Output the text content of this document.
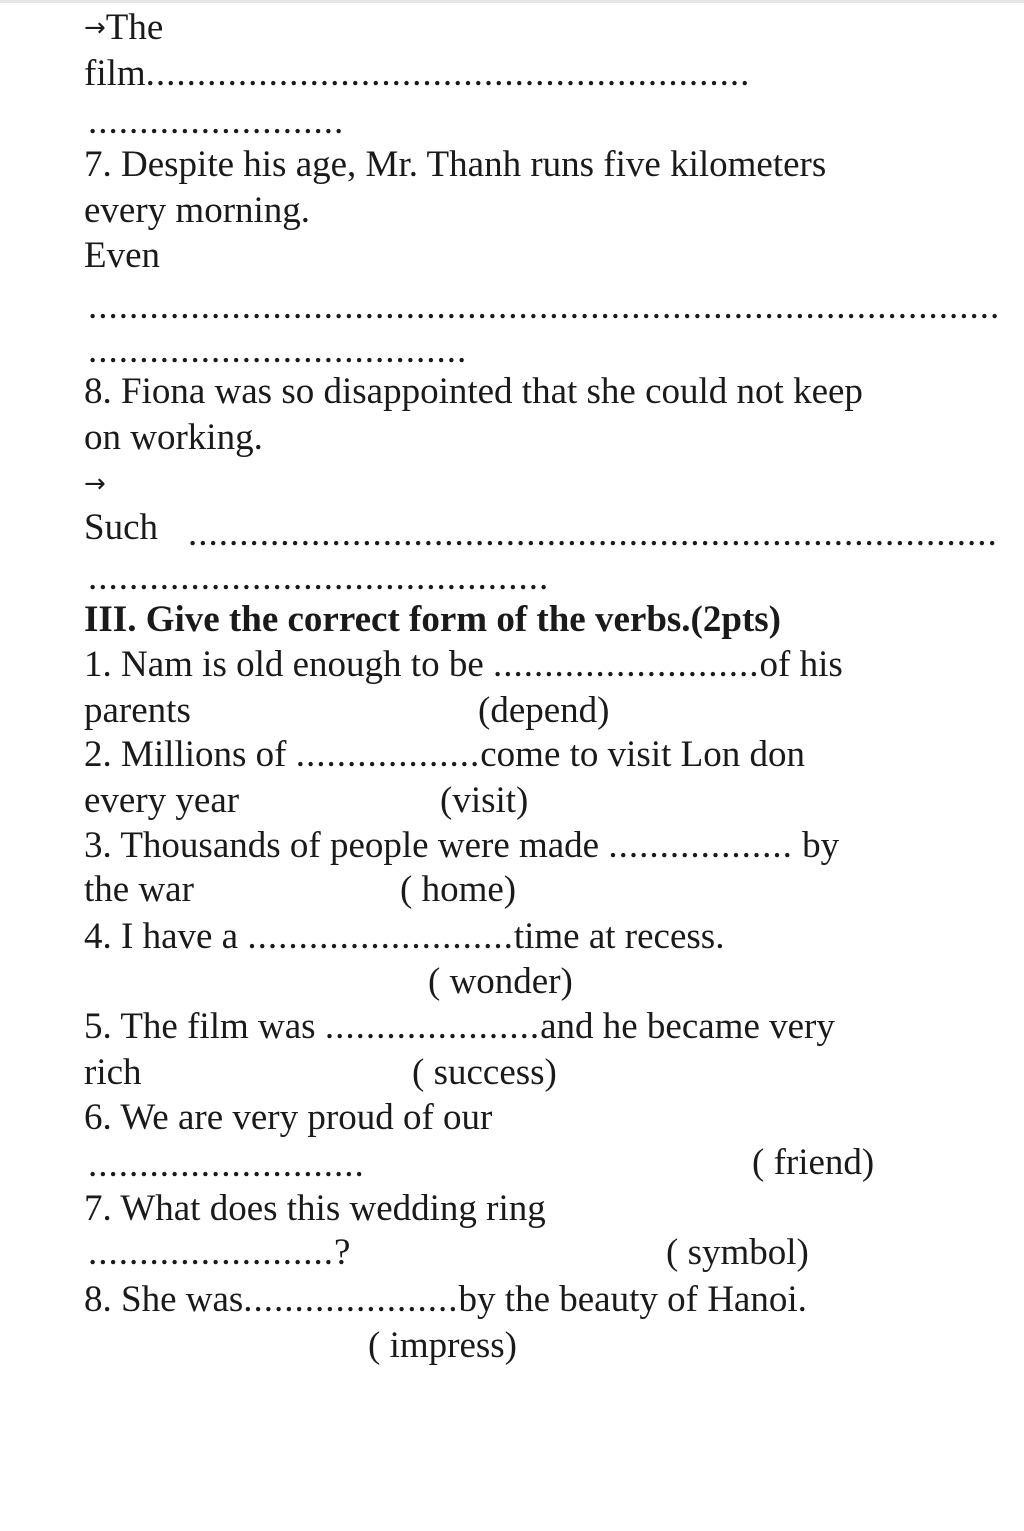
→The
film...........................................................
.........................
7. Despite his age, Mr. Thanh runs five kilometers
every morning.
Even
.........................................................................................
.....................................
8. Fiona was so disappointed that she could not keep
on working.
→
Such ...............................................................................
.............................................
III. Give the correct form of the verbs.(2pts)
1. Nam is old enough to be ..........................of his
parents	(depend)
2. Millions of ..................come to visit Lon don
every year	(visit)
3. Thousands of people were made .................. by
the war	( home)
4. I have a ..........................time at recess.
( wonder)
5. The film was .....................and he became very
rich	( success)
6. We are very proud of our
...........................	( friend)
7. What does this wedding ring
........................?	( symbol)
8. She was.....................by the beauty of Hanoi.
( impress)
